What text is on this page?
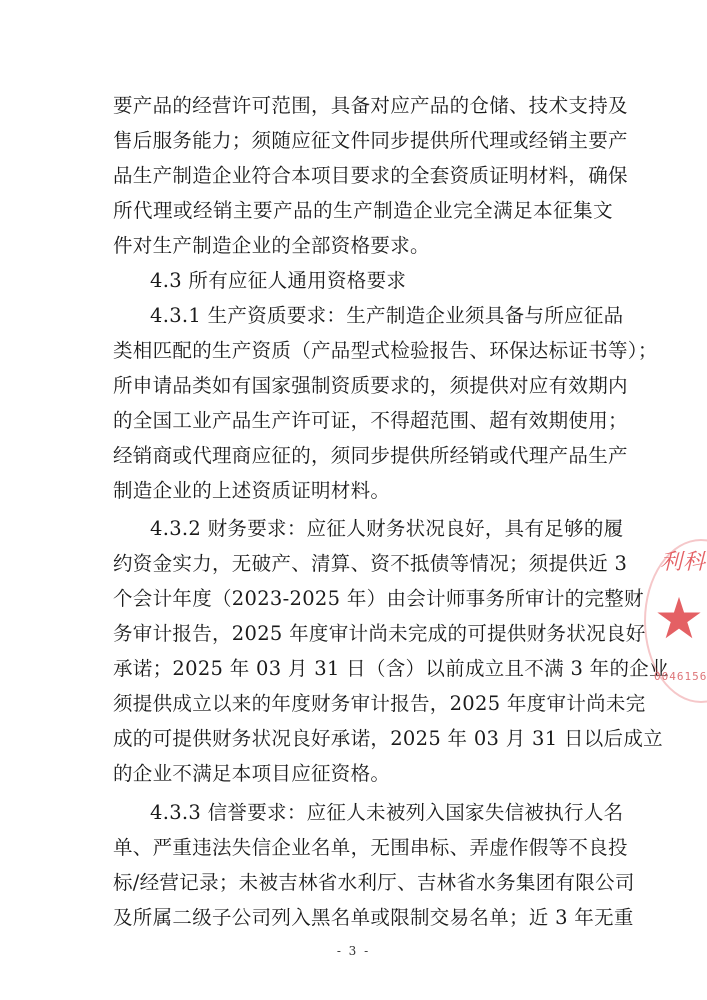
要产品的经营许可范围，具备对应产品的仓储、技术支持及
售后服务能力；须随应征文件同步提供所代理或经销主要产
品生产制造企业符合本项目要求的全套资质证明材料，确保
所代理或经销主要产品的生产制造企业完全满足本征集文
件对生产制造企业的全部资格要求。
4.3 所有应征人通用资格要求
4.3.1 生产资质要求：生产制造企业须具备与所应征品
类相匹配的生产资质（产品型式检验报告、环保达标证书等）；
所申请品类如有国家强制资质要求的，须提供对应有效期内
的全国工业产品生产许可证，不得超范围、超有效期使用；
经销商或代理商应征的，须同步提供所经销或代理产品生产
制造企业的上述资质证明材料。
4.3.2 财务要求：应征人财务状况良好，具有足够的履
约资金实力，无破产、清算、资不抵债等情况；须提供近 3
个会计年度（2023-2025 年）由会计师事务所审计的完整财
务审计报告，2025 年度审计尚未完成的可提供财务状况良好
承诺；2025 年 03 月 31 日（含）以前成立且不满 3 年的企业
须提供成立以来的年度财务审计报告，2025 年度审计尚未完
成的可提供财务状况良好承诺，2025 年 03 月 31 日以后成立
的企业不满足本项目应征资格。
4.3.3 信誉要求：应征人未被列入国家失信被执行人名
单、严重违法失信企业名单，无围串标、弄虚作假等不良投
标/经营记录；未被吉林省水利厅、吉林省水务集团有限公司
及所属二级子公司列入黑名单或限制交易名单；近 3 年无重
- 3 -
利科
0046156
